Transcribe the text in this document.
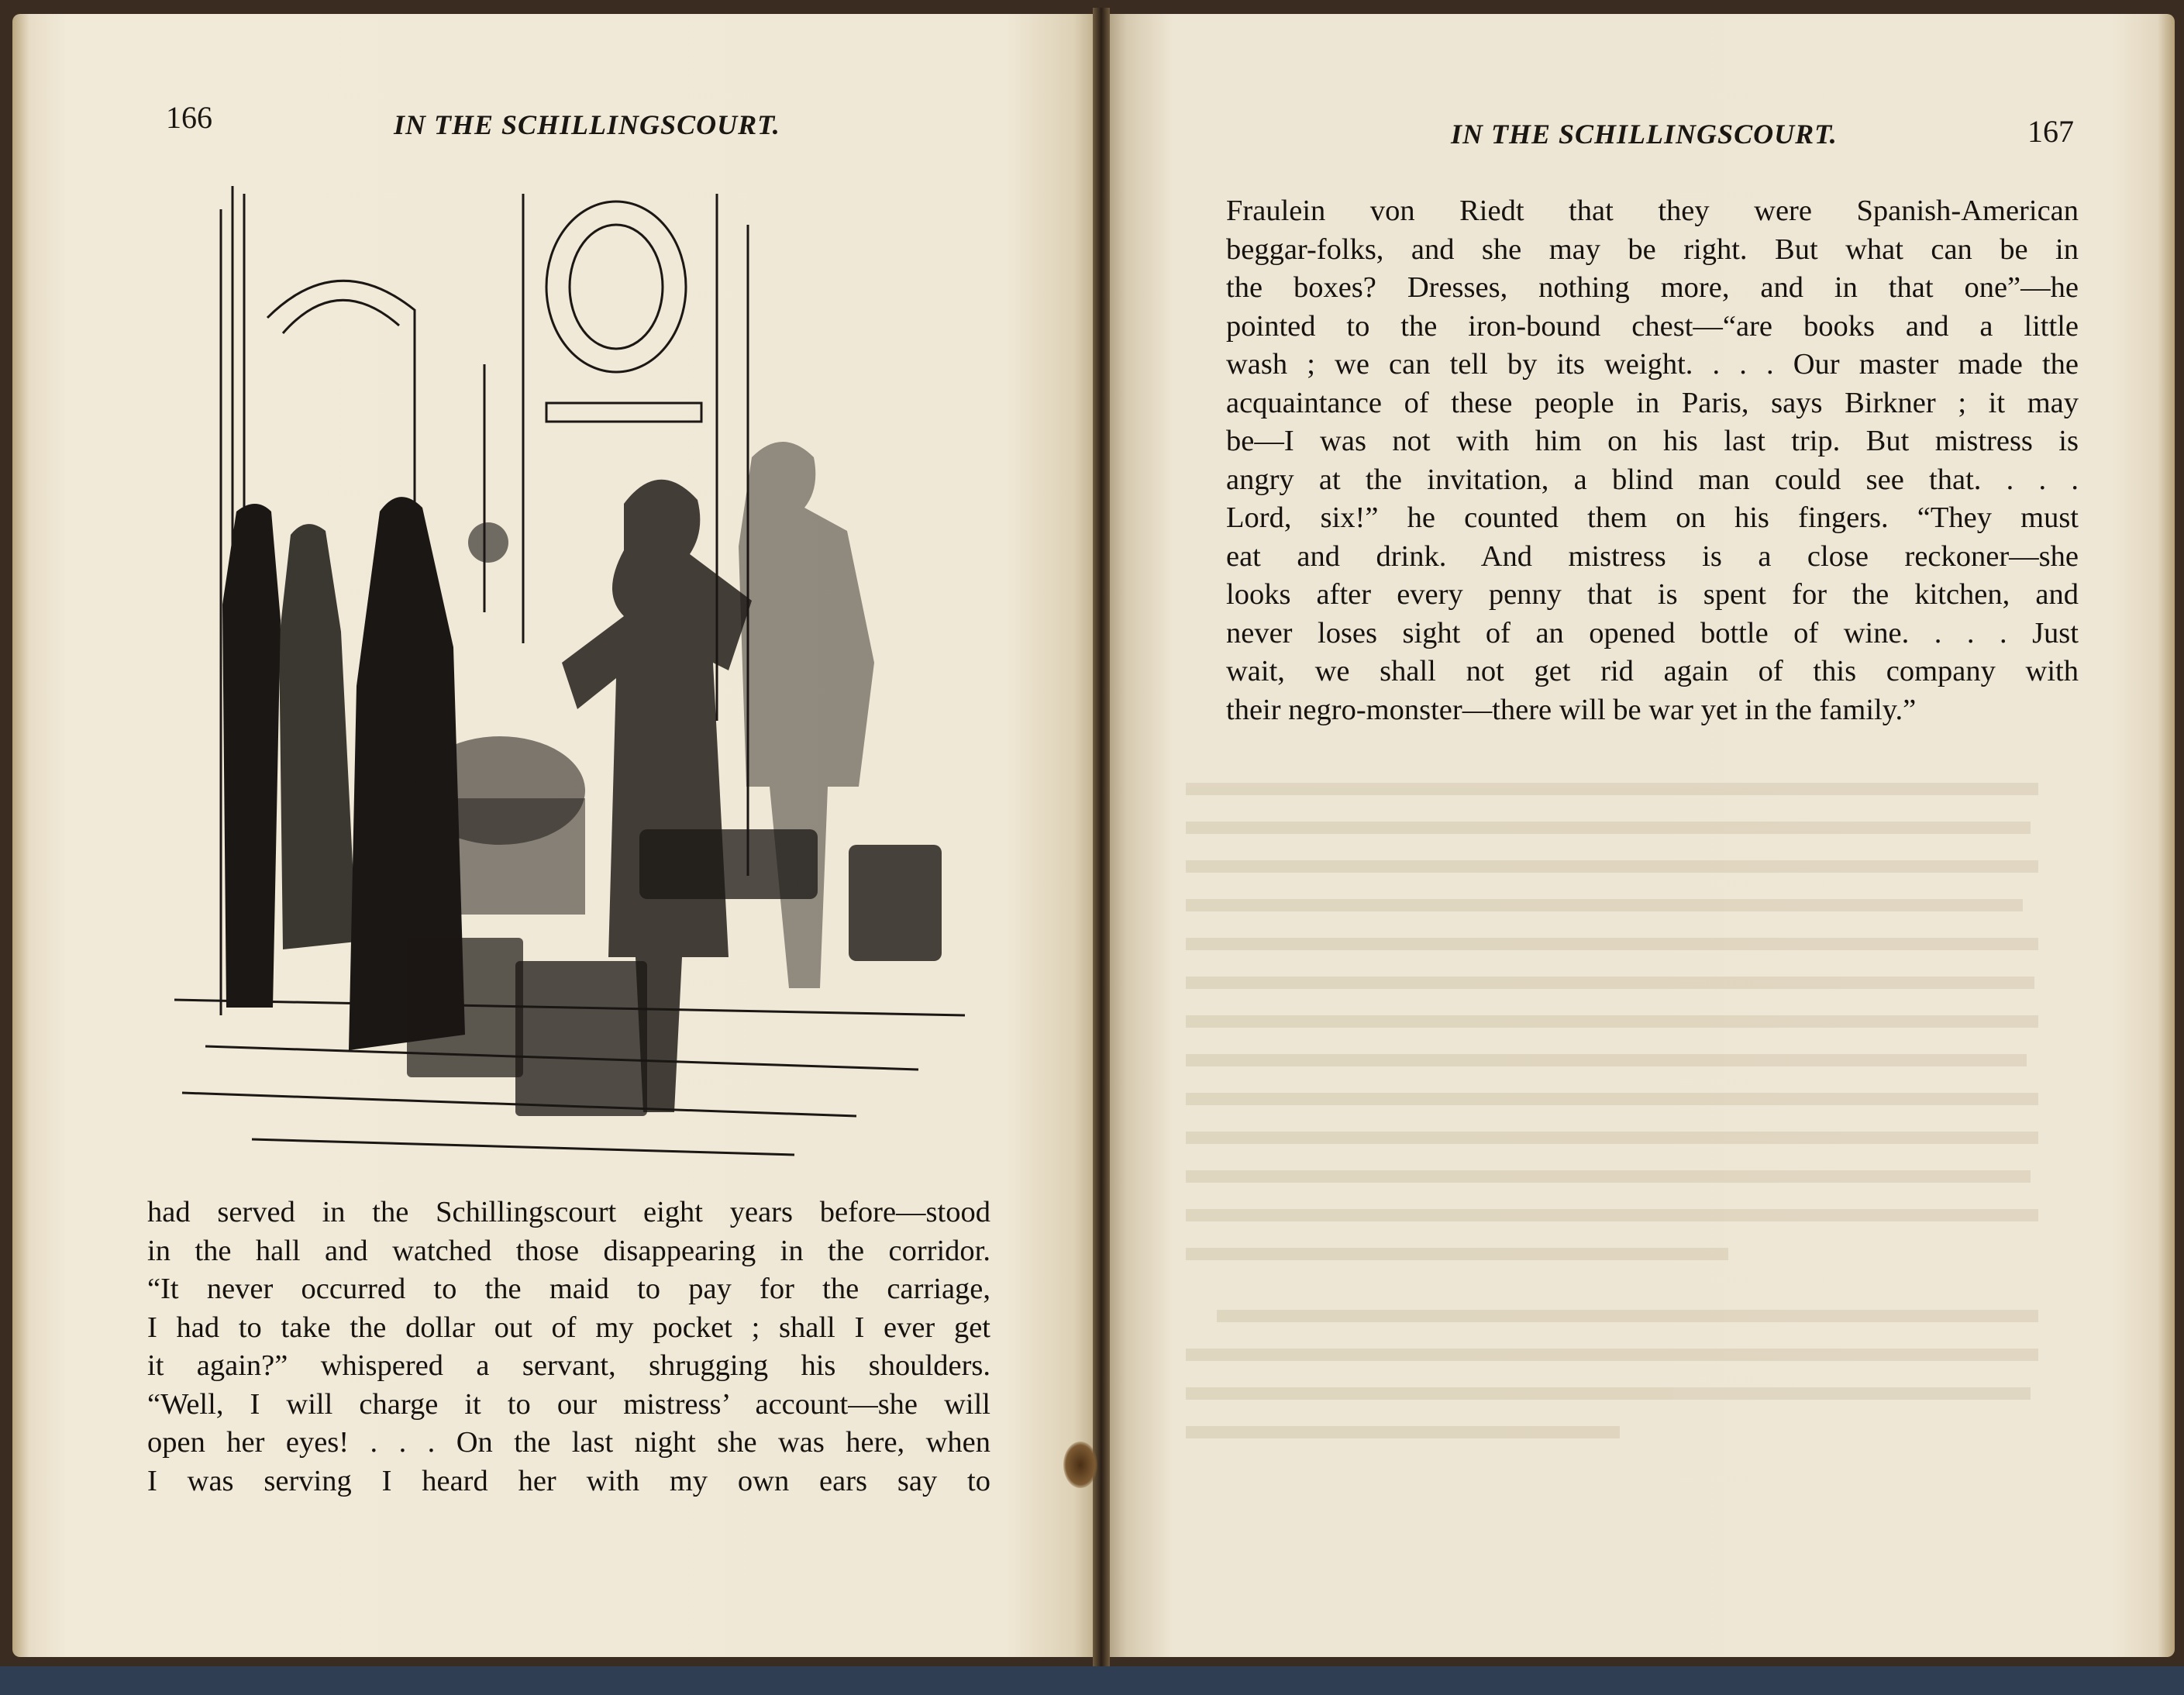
166	IN THE SCHILLINGSCOURT.

had served in the Schillingscourt eight years before—stood

in the hall and watched those disappearing in the corridor.

“It never occurred to the maid to pay for the carriage,

I had to take the dollar out of my pocket ; shall I ever get

it again?” whispered a servant, shrugging his shoulders.

“Well, I will charge it to our mistress’ account—she will

open her eyes! . . . On the last night she was here, when

I was serving I heard her with my own ears say to

IN THE SCHILLINGSCOURT.	167

Fraulein von Riedt that they were Spanish-American

beggar-folks, and she may be right. But what can be in

the boxes? Dresses, nothing more, and in that one”—he

pointed to the iron-bound chest—“are books and a little

wash ; we can tell by its weight. . . . Our master made the

acquaintance of these people in Paris, says Birkner ; it may

be—I was not with him on his last trip. But mistress is

angry at the invitation, a blind man could see that. . . .

Lord, six!” he counted them on his fingers. “They must

eat and drink. And mistress is a close reckoner—she

looks after every penny that is spent for the kitchen, and

never loses sight of an opened bottle of wine. . . . Just

wait, we shall not get rid again of this company with

their negro-monster—there will be war yet in the family.”
